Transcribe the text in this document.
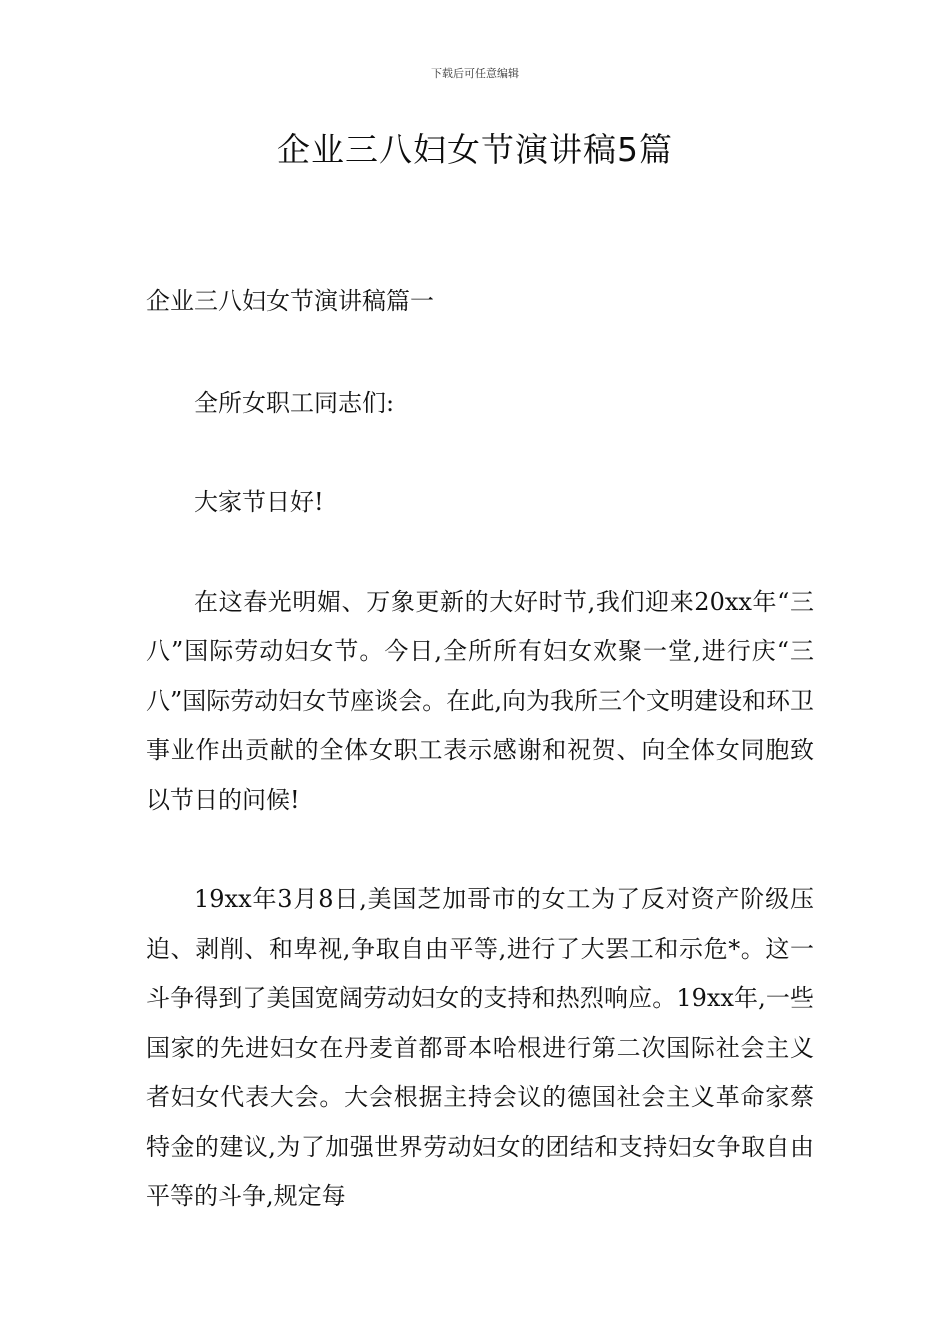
下载后可任意编辑
企业三八妇女节演讲稿5篇
企业三八妇女节演讲稿篇一

全所女职工同志们:

大家节日好!

在这春光明媚、万象更新的大好时节,我们迎来20xx年“三八”国际劳动妇女节。今日,全所所有妇女欢聚一堂,进行庆“三八”国际劳动妇女节座谈会。在此,向为我所三个文明建设和环卫事业作出贡献的全体女职工表示感谢和祝贺、向全体女同胞致以节日的问候!

19xx年3月8日,美国芝加哥市的女工为了反对资产阶级压迫、剥削、和卑视,争取自由平等,进行了大罢工和示危*。这一斗争得到了美国宽阔劳动妇女的支持和热烈响应。19xx年,一些国家的先进妇女在丹麦首都哥本哈根进行第二次国际社会主义者妇女代表大会。大会根据主持会议的德国社会主义革命家蔡特金的建议,为了加强世界劳动妇女的团结和支持妇女争取自由平等的斗争,规定每
